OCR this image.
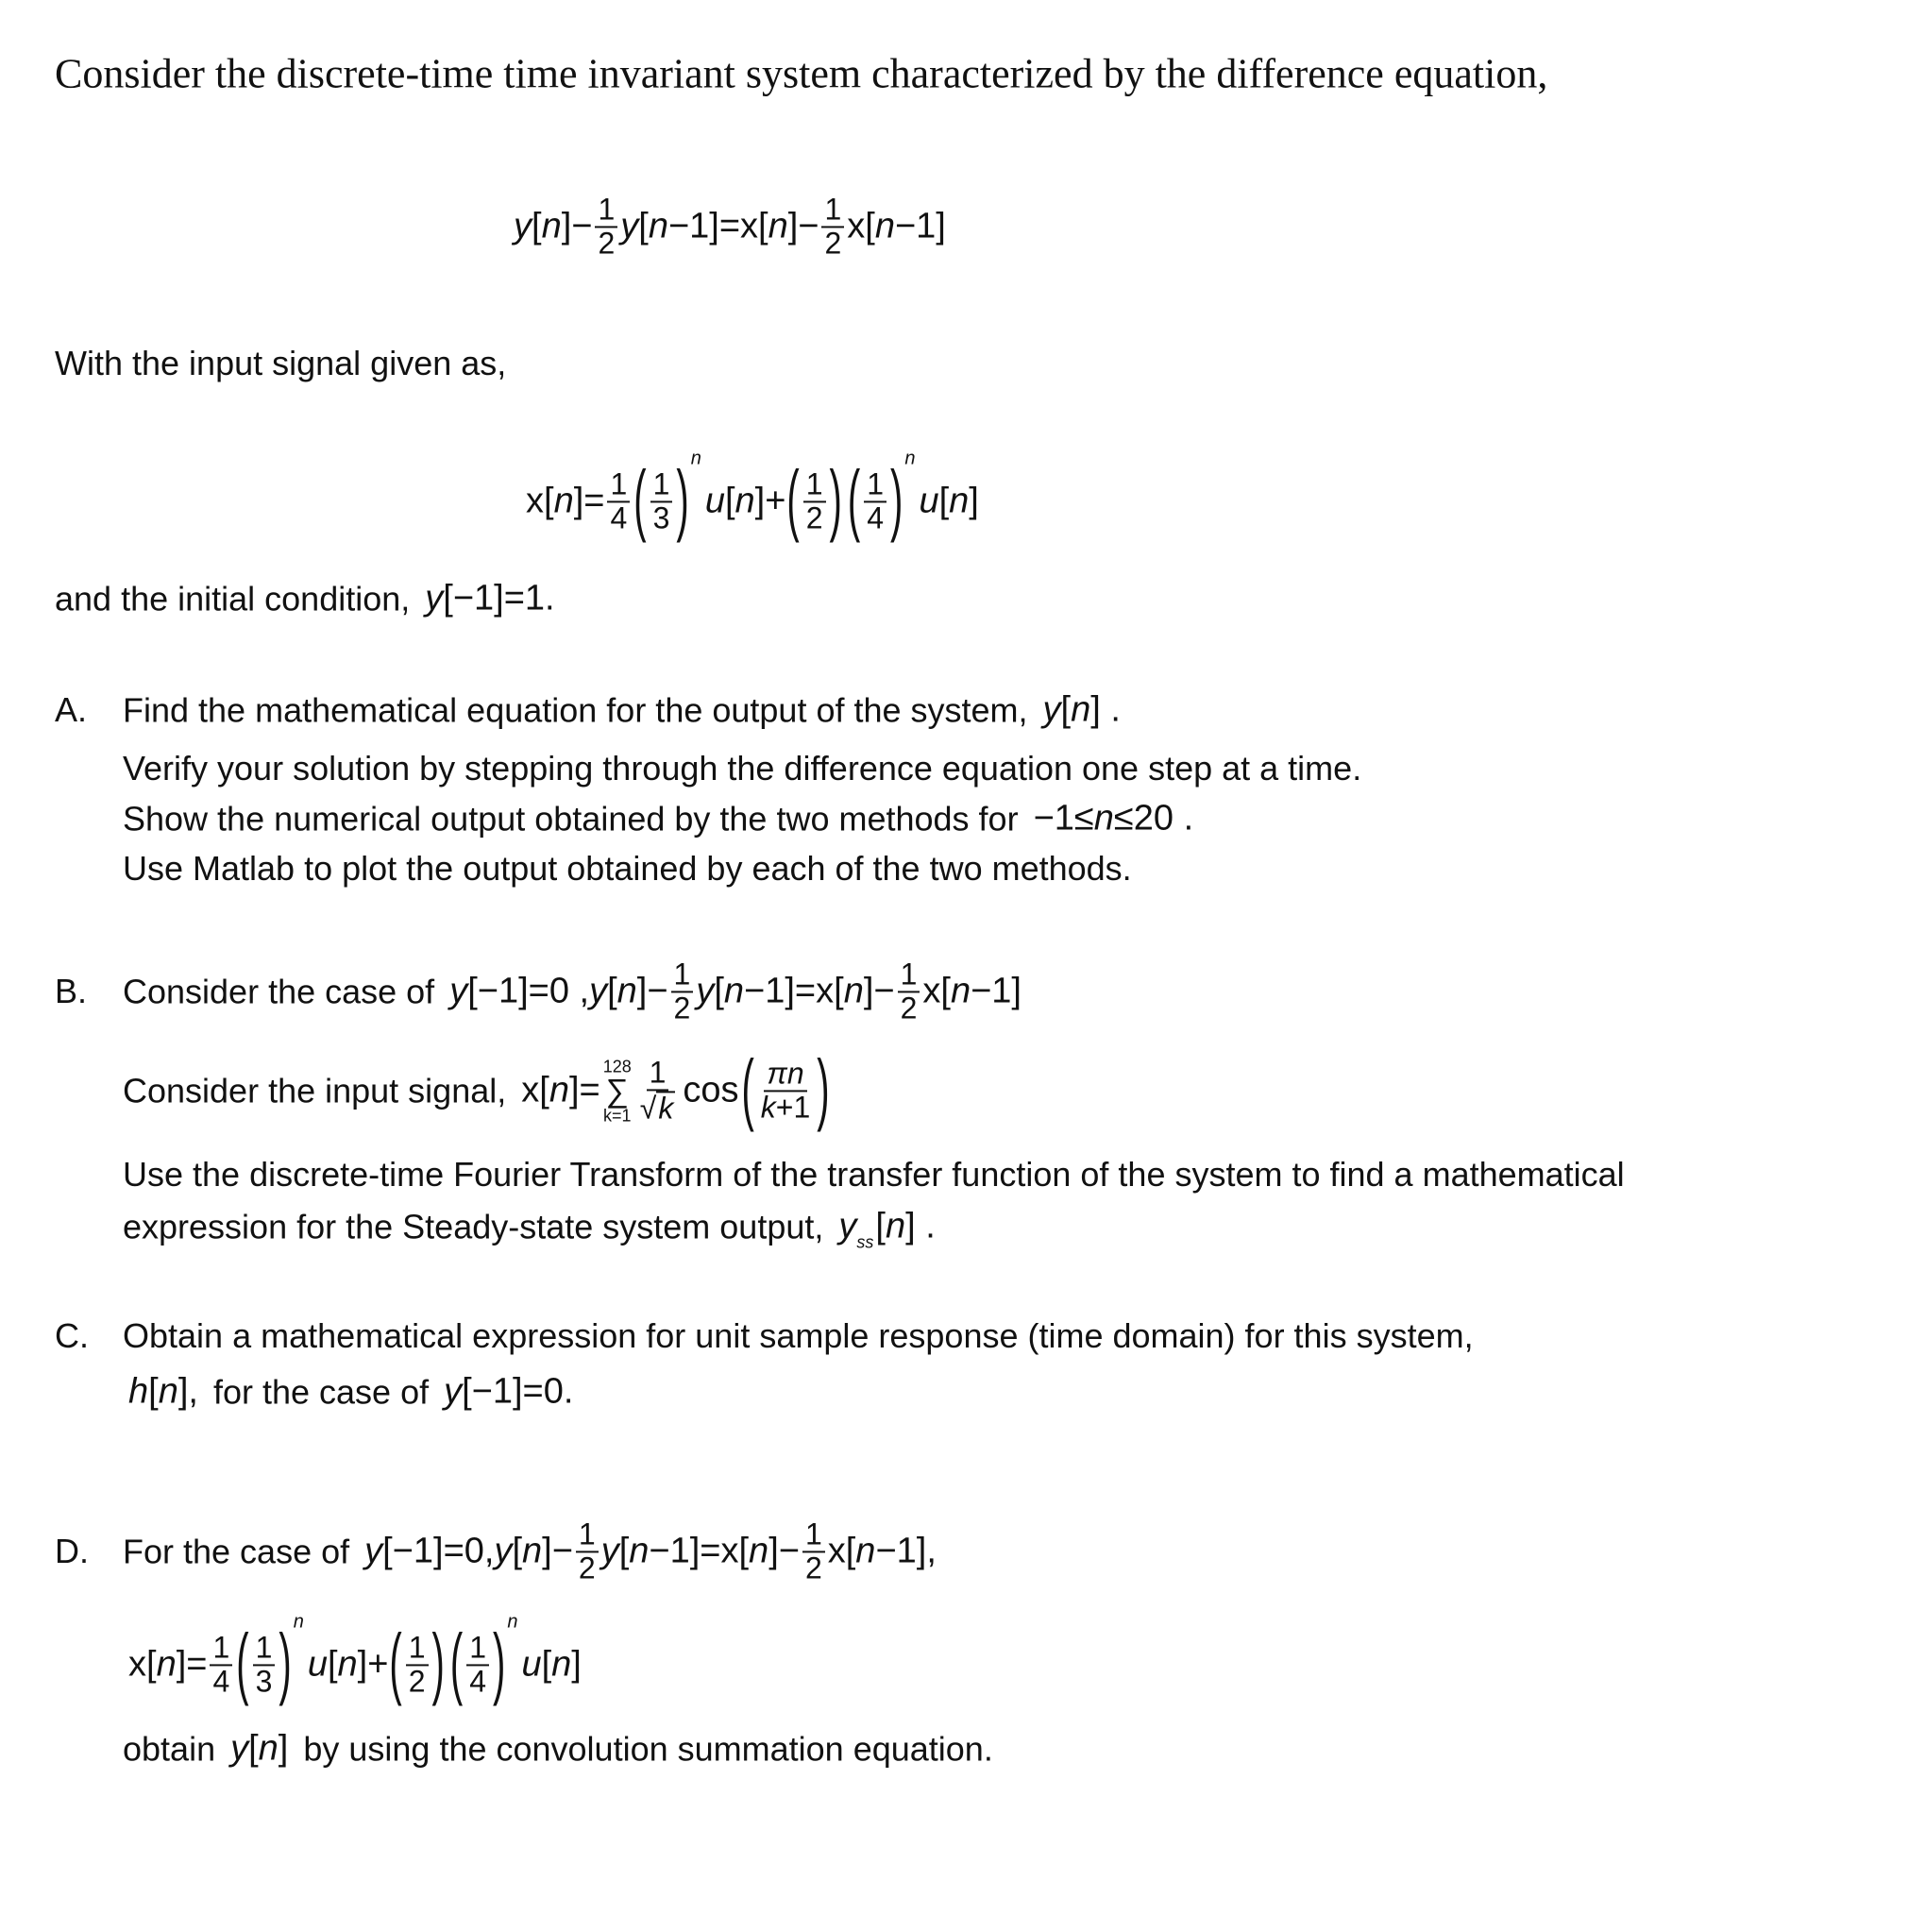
Consider the discrete-time time invariant system characterized by the difference equation,
y [ n ]− $\frac{1}{2}$ y [ n −1]= x [ n ]− $\frac{1}{2}$ x [ n −1]
With the input signal given as,
x[ n ]= $\frac{1}{4}$ ( $\frac{1}{3}$ ) n
u [ n ]+ ( $\frac{1}{2}$ ) ( $\frac{1}{4}$ ) n
u [ n ]
and the initial condition, y [−1]=1.
A. Find the mathematical equation for the output of the system, y [ n ] .
Verify your solution by stepping through the difference equation one step at a time.
Show the numerical output obtained by the two methods for −1≤ n ≤20 .
Use Matlab to plot the output obtained by each of the two methods.
B. Consider the case of y [−1]=0 , y [ n ]− $\frac{1}{2}$ y [ n −1]=x[ n ]− $\frac{1}{2} x$[ n −1]
Consider the input signal, x[ n ]=
128
∑
$k=1 \frac{1}{√ k}$ cos ( $\frac{\pi n}{k+1}$ )
Use the discrete-time Fourier Transform of the transfer function of the system to find a mathematical
expression for the Steady-state system output, y ss [ n ] .
C. Obtain a mathematical expression for unit sample response (time domain) for this system,
h [ n ], for the case of y [−1]=0.
D. For the case of y [−1]=0, y [ n ]− $\frac{1}{2}$ y [ n −1]=x[ n ]− $\frac{1}{2} x$[ n −1],
x[ n ]= $\frac{1}{4}$ ( $\frac{1}{3}$ ) n
u [ n ]+ ( $\frac{1}{2}$ ) ( $\frac{1}{4}$ ) n
u [ n ]
obtain y [ n ] by using the convolution summation equation.
